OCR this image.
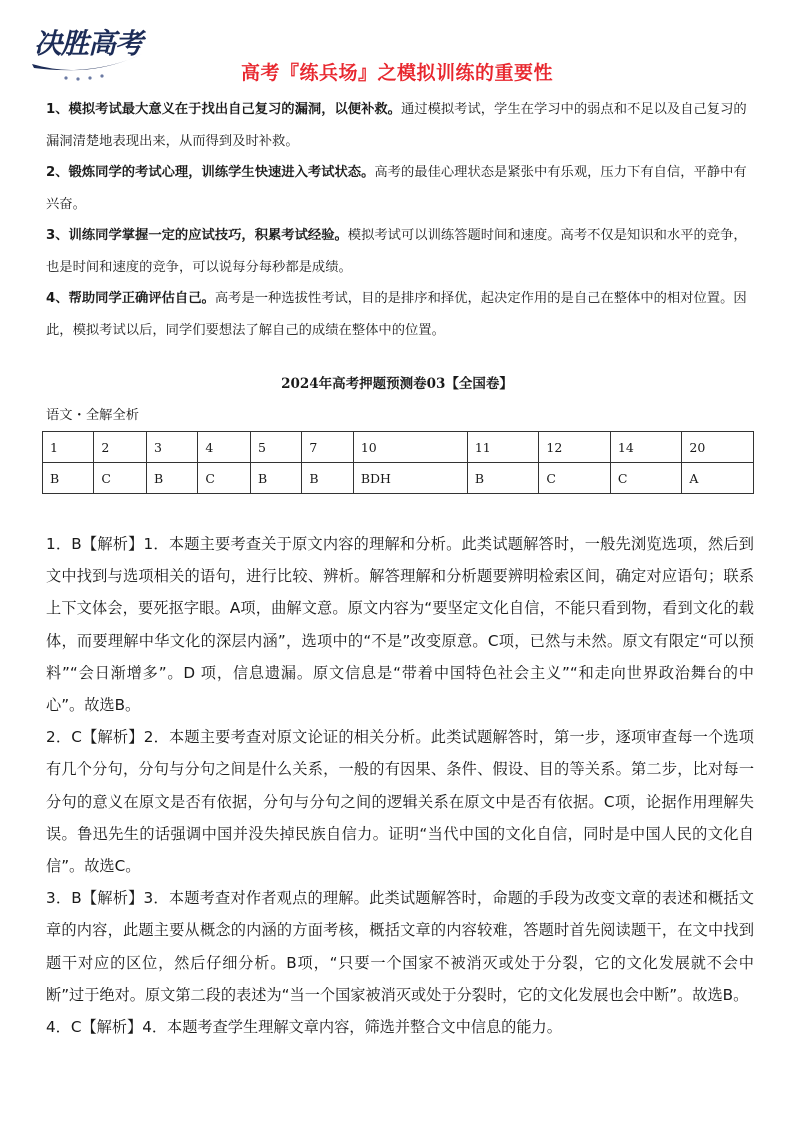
决胜高考
高考『练兵场』之模拟训练的重要性

1、模拟考试最大意义在于找出自己复习的漏洞，以便补救。通过模拟考试，学生在学习中的弱点和不足以及自己复习的漏洞清楚地表现出来，从而得到及时补救。

2、锻炼同学的考试心理，训练学生快速进入考试状态。高考的最佳心理状态是紧张中有乐观，压力下有自信，平静中有兴奋。

3、训练同学掌握一定的应试技巧，积累考试经验。模拟考试可以训练答题时间和速度。高考不仅是知识和水平的竞争，也是时间和速度的竞争，可以说每分每秒都是成绩。

4、帮助同学正确评估自己。高考是一种选拔性考试，目的是排序和择优，起决定作用的是自己在整体中的相对位置。因此，模拟考试以后，同学们要想法了解自己的成绩在整体中的位置。

2024年高考押题预测卷03【全国卷】
语文・全解全析
1	2	3	4	5	7	10	11	12	14	20
B	C	B	C	B	B	BDH	B	C	C	A

1．B【解析】1．本题主要考查关于原文内容的理解和分析。此类试题解答时，一般先浏览选项，然后到文中找到与选项相关的语句，进行比较、辨析。解答理解和分析题要辨明检索区间，确定对应语句；联系上下文体会，要死抠字眼。A项，曲解文意。原文内容为“要坚定文化自信，不能只看到物，看到文化的载体，而要理解中华文化的深层内涵”，选项中的“不是”改变原意。C项，已然与未然。原文有限定“可以预料”“会日渐增多”。D 项，信息遗漏。原文信息是“带着中国特色社会主义”“和走向世界政治舞台的中心”。故选B。

2．C【解析】2．本题主要考查对原文论证的相关分析。此类试题解答时，第一步，逐项审查每一个选项有几个分句，分句与分句之间是什么关系，一般的有因果、条件、假设、目的等关系。第二步，比对每一分句的意义在原文是否有依据，分句与分句之间的逻辑关系在原文中是否有依据。C项，论据作用理解失误。鲁迅先生的话强调中国并没失掉民族自信力。证明“当代中国的文化自信，同时是中国人民的文化自信”。故选C。

3．B【解析】3．本题考查对作者观点的理解。此类试题解答时，命题的手段为改变文章的表述和概括文章的内容，此题主要从概念的内涵的方面考核，概括文章的内容较难，答题时首先阅读题干，在文中找到题干对应的区位，然后仔细分析。B项，“只要一个国家不被消灭或处于分裂，它的文化发展就不会中断”过于绝对。原文第二段的表述为“当一个国家被消灭或处于分裂时，它的文化发展也会中断”。故选B。

4．C【解析】4．本题考查学生理解文章内容，筛选并整合文中信息的能力。
